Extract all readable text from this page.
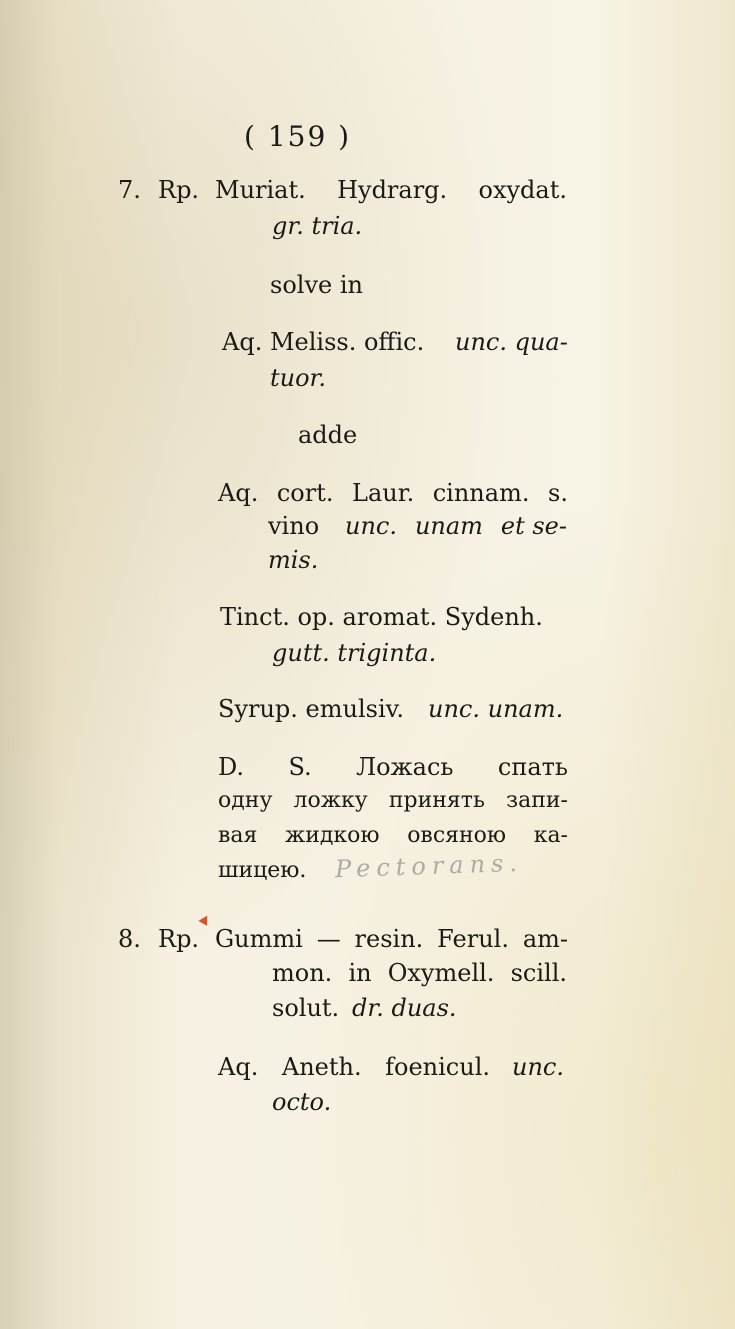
( 159 )
7. Rp. Muriat. Hydrarg. oxydat.
gr. tria.
solve in
Aq. Meliss. offic. unc. qua-
tuor.
adde
Aq. cort. Laur. cinnam. s.
vino unc. unam et se-
mis.
Tinct. op. aromat. Sydenh.
gutt. triginta.
Syrup. emulsiv. unc. unam.
D. S. Ложась спать
одну ложку принять запи-
вая жидкою овсяною ка-
шицею. Pectorans.
8. Rp. Gummi — resin. Ferul. am-
mon. in Oxymell. scill.
solut. dr. duas.
Aq. Aneth. foenicul. unc.
octo.
